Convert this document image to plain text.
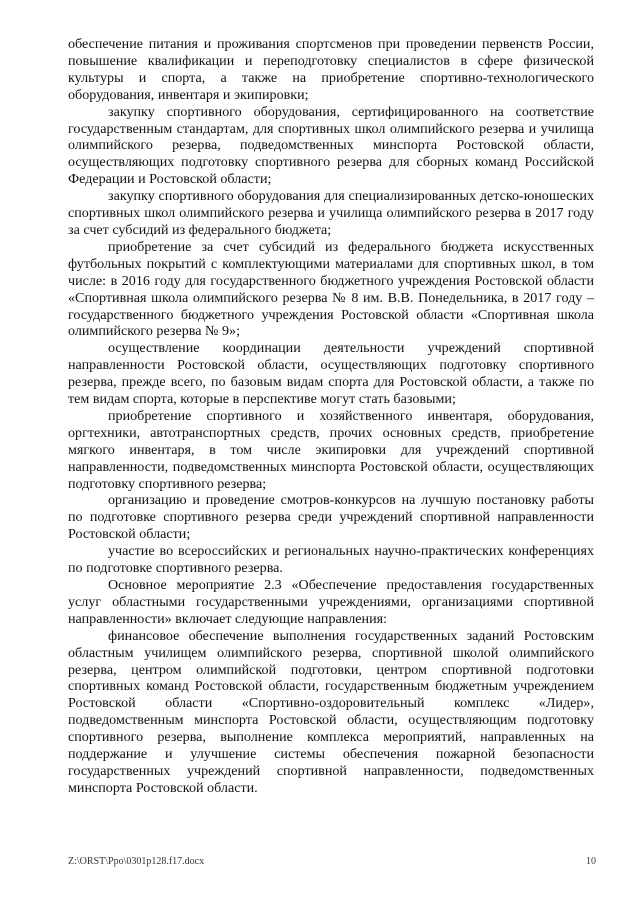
обеспечение питания и проживания спортсменов при проведении первенств России, повышение квалификации и переподготовку специалистов в сфере физической культуры и спорта, а также на приобретение спортивно-технологического оборудования, инвентаря и экипировки;

закупку спортивного оборудования, сертифицированного на соответствие государственным стандартам, для спортивных школ олимпийского резерва и училища олимпийского резерва, подведомственных минспорта Ростовской области, осуществляющих подготовку спортивного резерва для сборных команд Российской Федерации и Ростовской области;

закупку спортивного оборудования для специализированных детско-юношеских спортивных школ олимпийского резерва и училища олимпийского резерва в 2017 году за счет субсидий из федерального бюджета;

приобретение за счет субсидий из федерального бюджета искусственных футбольных покрытий с комплектующими материалами для спортивных школ, в том числе: в 2016 году для государственного бюджетного учреждения Ростовской области «Спортивная школа олимпийского резерва № 8 им. В.В. Понедельника, в 2017 году – государственного бюджетного учреждения Ростовской области «Спортивная школа олимпийского резерва № 9»;

осуществление координации деятельности учреждений спортивной направленности Ростовской области, осуществляющих подготовку спортивного резерва, прежде всего, по базовым видам спорта для Ростовской области, а также по тем видам спорта, которые в перспективе могут стать базовыми;

приобретение спортивного и хозяйственного инвентаря, оборудования, оргтехники, автотранспортных средств, прочих основных средств, приобретение мягкого инвентаря, в том числе экипировки для учреждений спортивной направленности, подведомственных минспорта Ростовской области, осуществляющих подготовку спортивного резерва;

организацию и проведение смотров-конкурсов на лучшую постановку работы по подготовке спортивного резерва среди учреждений спортивной направленности Ростовской области;

участие во всероссийских и региональных научно-практических конференциях по подготовке спортивного резерва.

Основное мероприятие 2.3 «Обеспечение предоставления государственных услуг областными государственными учреждениями, организациями спортивной направленности» включает следующие направления:

финансовое обеспечение выполнения государственных заданий Ростовским областным училищем олимпийского резерва, спортивной школой олимпийского резерва, центром олимпийской подготовки, центром спортивной подготовки спортивных команд Ростовской области, государственным бюджетным учреждением Ростовской области «Спортивно-оздоровительный комплекс «Лидер», подведомственным минспорта Ростовской области, осуществляющим подготовку спортивного резерва, выполнение комплекса мероприятий, направленных на поддержание и улучшение системы обеспечения пожарной безопасности государственных учреждений спортивной направленности, подведомственных минспорта Ростовской области.

Z:\ORST\Ppo\0301p128.f17.docx	10
